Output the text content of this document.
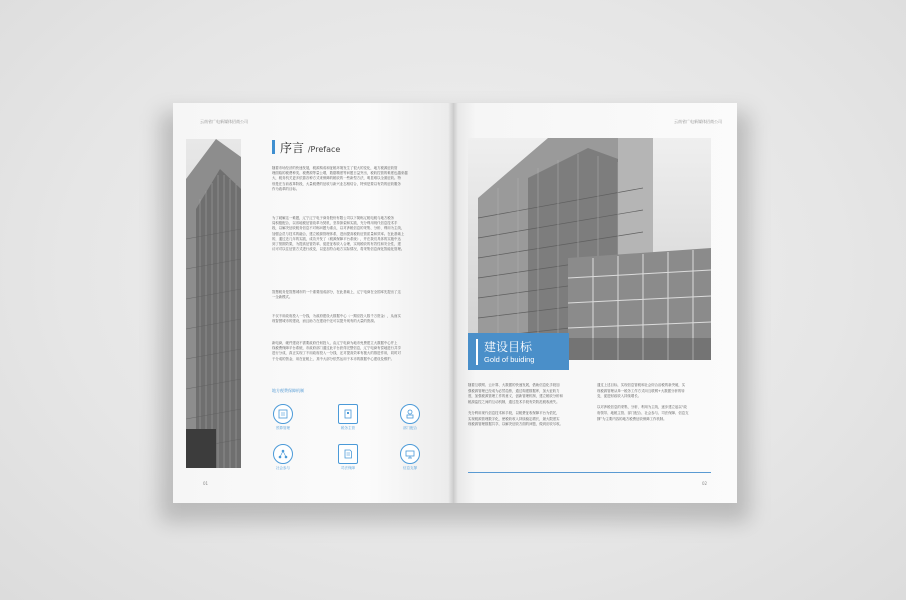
云南省广电新媒体招商公司
序言 /Preface
随着市场经济的快速发展，税源构成和征税环境发生了很大的变化，地方税源征收管
理面临的税费种类、税费源等量公增，数据精度等问题日益突出，税收控管的难度也越来越
大，税务机关更多依靠各种方式来保障的税收的一些新型方法，明显难以全面征收。特
别是在当前改革阶段，大量税费的征收与新兴业态相结合，特别是要以有效的征收服务
作为改革的目标。
为了破解这一难题，辽宁辽宁电子商务股份有限公司以下简称辽税电税与地方税务
局积极配合，以省地税征管改革为契机，坚持探索和实践，充分利用现代信息技术手
段，以解决征收税务信息不对称问题为重点，以对涉税信息的采集、分析、利用为主线，
加强会员与技术的融合，建立税源管理体系，进而提高税收征管质量和效率。在此基础上
的，通过近几年的实践，成功开发了《税源保障平台系统》，并在我们具体的实施中达
到了预期效果，为提高征管效率，促进征收收入合理，实现税收的有效性和安全性，建
议可对以往征管方式进行改变，以更加符合地方实际情况，将采集信息深化智能化管理。
智慧税务是智慧城市的一个重要组成部分，在此基础上，辽宁电商在全国率先提出了这
一全新模式。
不仅不用政府投入一分钱，为政府建设大数据中心（一期应投入数千万资金），从而实
现智慧城市的建设，而且助力在建设中还可以提升现有的大量的资源。
新电商，硬件建设不需要政府任何投入，由辽宁电商为地市免费建立大数据中心并上
线税费保障平台系统，市政府部门通过此平台获得完整信息，辽宁电商有偿地进行共享
进行分成，真正实现了不用政府投入一分钱，还对提高效率有极大的推进作用，同时对
于分成的资金，用在征税上，其中大部分依然运用于本市的数据中心建设及维护。
地方税费保障机制
预算管理	税务主管	部门配合
社会参与	司法保障	信息支撑
01
云南省广电新媒体招商公司
建设目标
Gold of buiding
随着互联网、云计算、大数据的快速发展，借助信息化手段加
强税源管理已经成为必然趋势，通过构建数据库，加大征收力
度，加强税源管理工作的意义，创新管理机制，建立税收分析和
税源监控之间的互动机制，通过技术手段有效防范税收流失。
充分利用现代信息技术和手段，以税费征收保障平台为依托，
实现税源管理数字化，使税收收入持续稳定增长，最大限度实
现税源管理数据共享，以解决征收方面的问题，做到应收尽收。
通过上述目标，实现信息管税和社会综合治税的新突破，实
现税源管理从单一税务工作方式向互联网+大数据分析的转
变，促进财政收入持续增长。
以对涉税信息的采集、分析、利用为主线，逐步建立起以“政
府领导、地税主管、部门配合、社会参与、司法保障、信息支
撑”为主要内容的地方税费征收保障工作机制。
02
